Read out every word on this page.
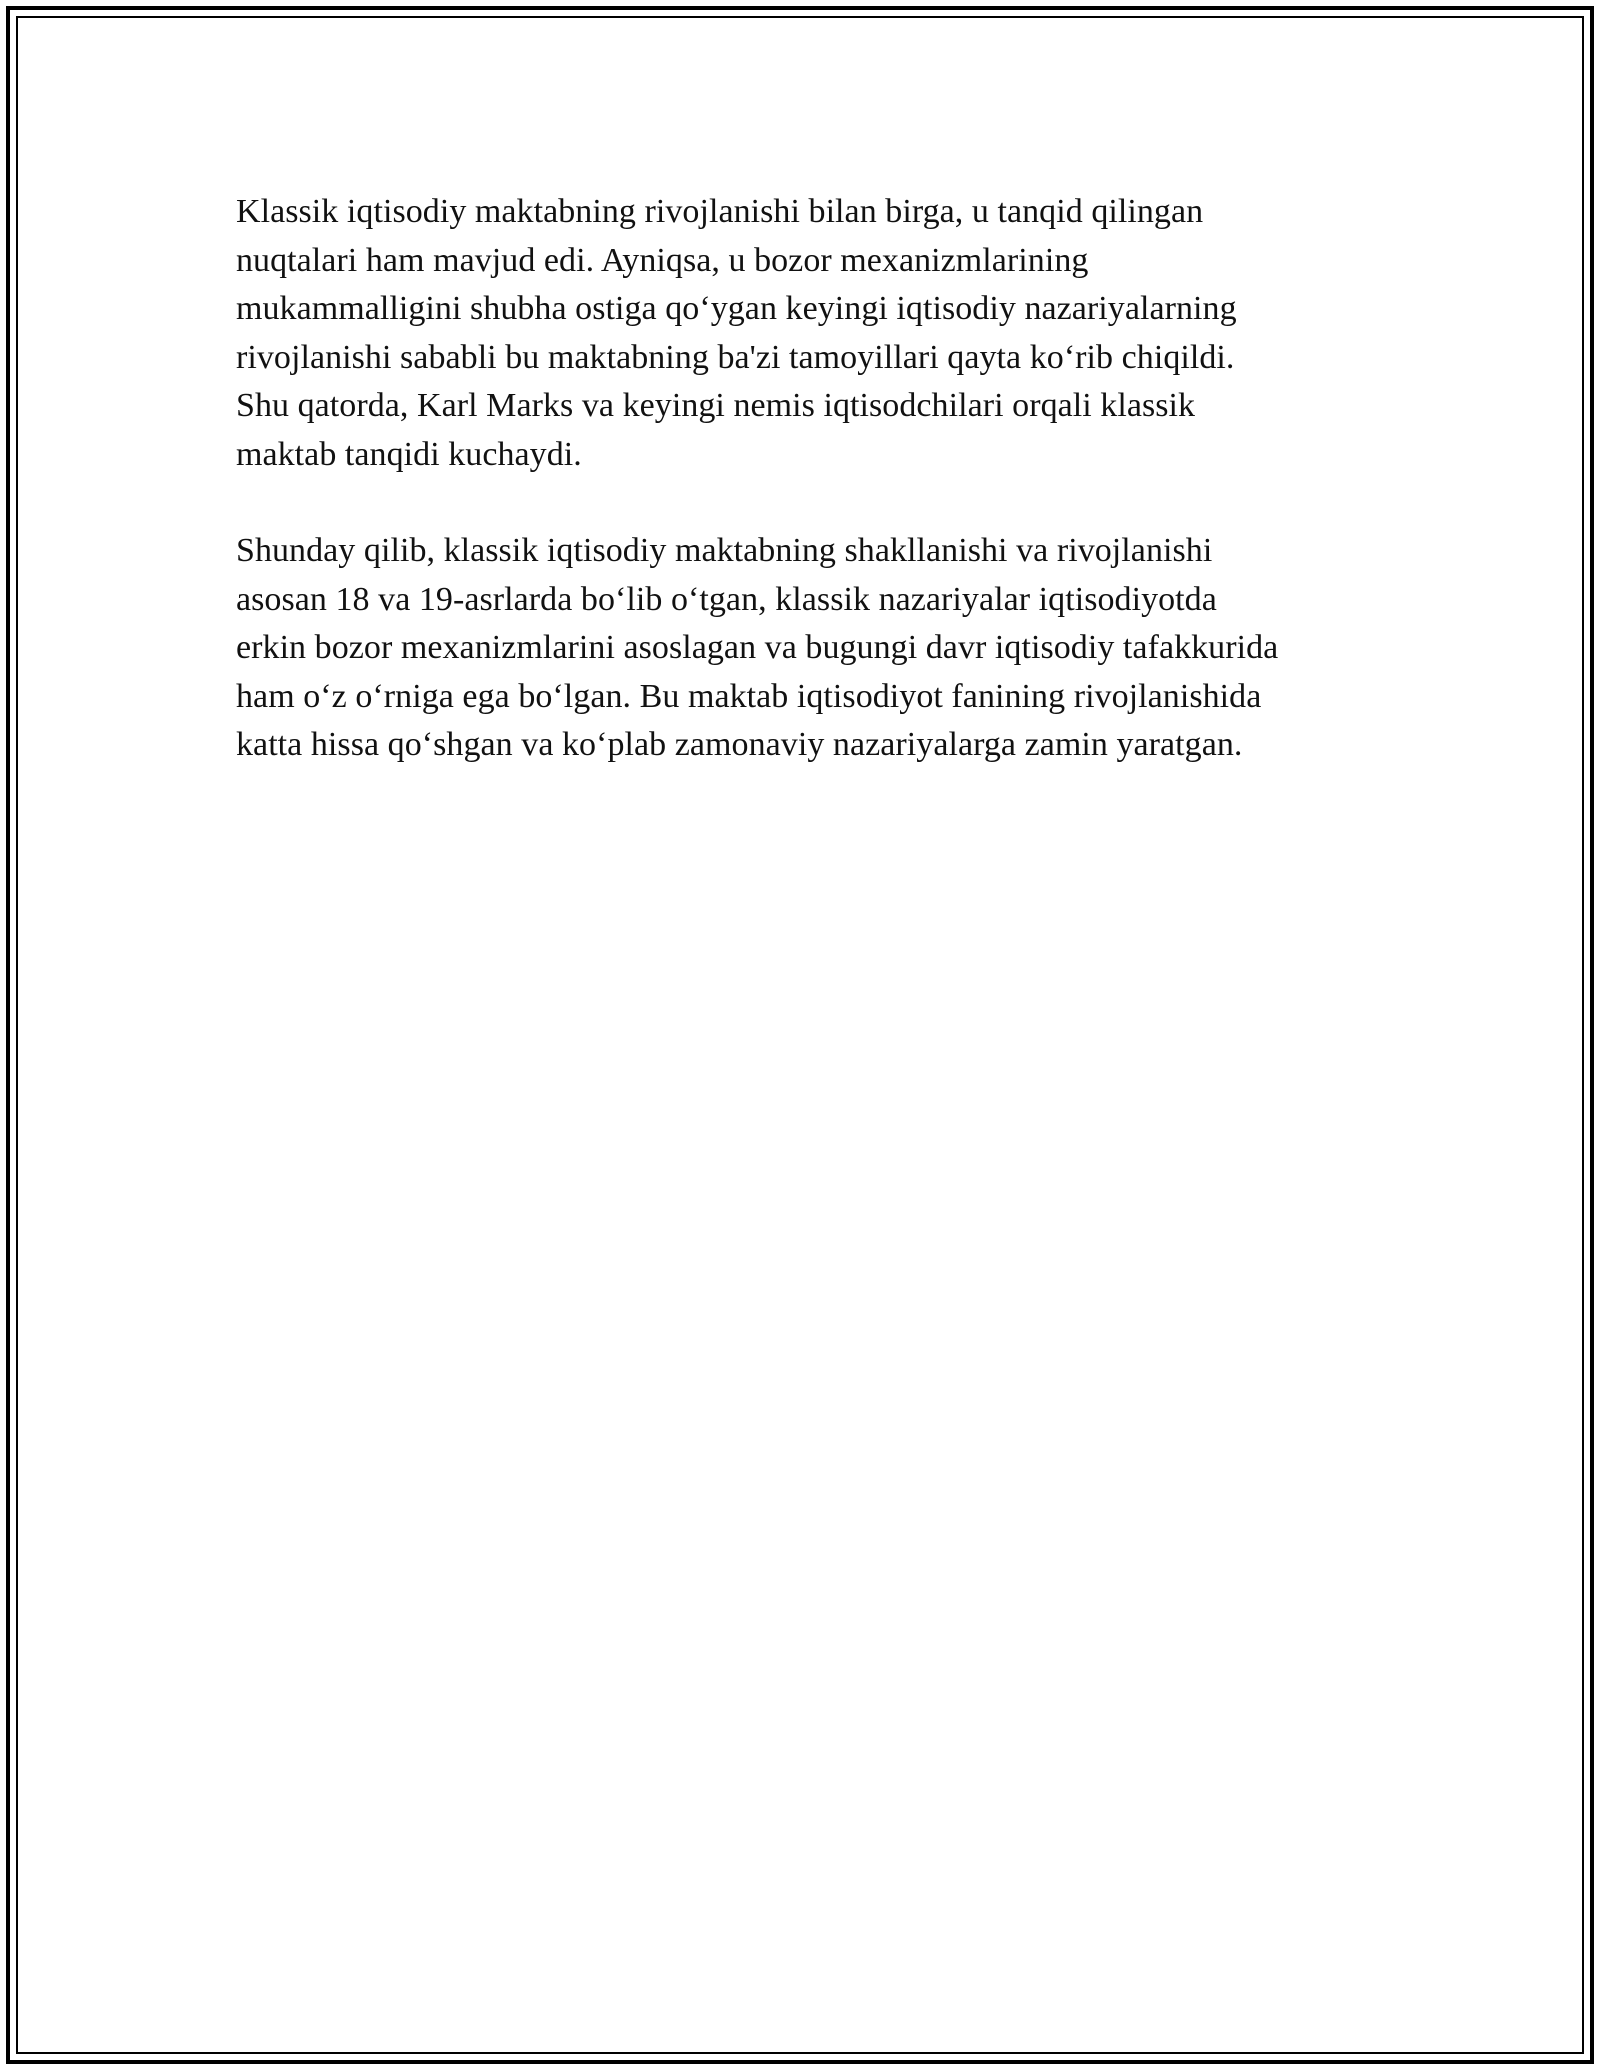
Klassik iqtisodiy maktabning rivojlanishi bilan birga, u tanqid qilingan
nuqtalari ham mavjud edi. Ayniqsa, u bozor mexanizmlarining
mukammalligini shubha ostiga qo‘ygan keyingi iqtisodiy nazariyalarning
rivojlanishi sababli bu maktabning ba'zi tamoyillari qayta ko‘rib chiqildi.
Shu qatorda, Karl Marks va keyingi nemis iqtisodchilari orqali klassik
maktab tanqidi kuchaydi.

Shunday qilib, klassik iqtisodiy maktabning shakllanishi va rivojlanishi
asosan 18 va 19-asrlarda bo‘lib o‘tgan, klassik nazariyalar iqtisodiyotda
erkin bozor mexanizmlarini asoslagan va bugungi davr iqtisodiy tafakkurida
ham o‘z o‘rniga ega bo‘lgan. Bu maktab iqtisodiyot fanining rivojlanishida
katta hissa qo‘shgan va ko‘plab zamonaviy nazariyalarga zamin yaratgan.
